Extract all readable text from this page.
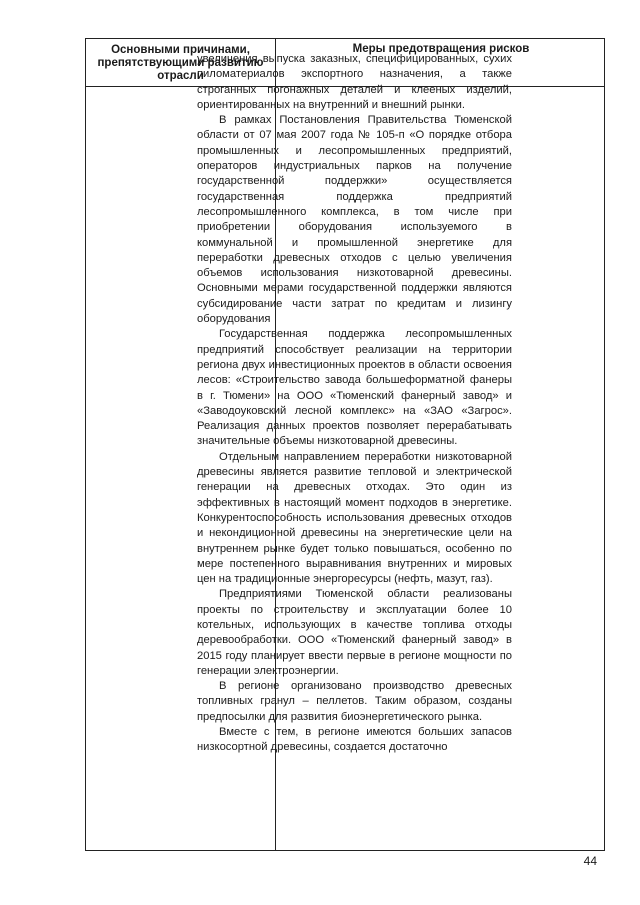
Основными причинами, препятствующими развитию отрасли
Меры предотвращения рисков

увеличения выпуска заказных, специфицированных, сухих пиломатериалов экспортного назначения, а также строганных погонажных деталей и клееных изделий, ориентированных на внутренний и внешний рынки.

В рамках Постановления Правительства Тюменской области от 07 мая 2007 года № 105-п «О порядке отбора промышленных и лесопромышленных предприятий, операторов индустриальных парков на получение государственной поддержки» осуществляется государственная поддержка предприятий лесопромышленного комплекса, в том числе при приобретении оборудования используемого в коммунальной и промышленной энергетике для переработки древесных отходов с целью увеличения объемов использования низкотоварной древесины. Основными мерами государственной поддержки являются субсидирование части затрат по кредитам и лизингу оборудования

Государственная поддержка лесопромышленных предприятий способствует реализации на территории региона двух инвестиционных проектов в области освоения лесов: «Строительство завода большеформатной фанеры в г. Тюмени» на ООО «Тюменский фанерный завод» и «Заводоуковский лесной комплекс» на «ЗАО «Загрос». Реализация данных проектов позволяет перерабатывать значительные объемы низкотоварной древесины.

Отдельным направлением переработки низкотоварной древесины является развитие тепловой и электрической генерации на древесных отходах. Это один из эффективных в настоящий момент подходов в энергетике. Конкурентоспособность использования древесных отходов и некондиционной древесины на энергетические цели на внутреннем рынке будет только повышаться, особенно по мере постепенного выравнивания внутренних и мировых цен на традиционные энергоресурсы (нефть, мазут, газ).

Предприятиями Тюменской области реализованы проекты по строительству и эксплуатации более 10 котельных, использующих в качестве топлива отходы деревообработки. ООО «Тюменский фанерный завод» в 2015 году планирует ввести первые в регионе мощности по генерации электроэнергии.

В регионе организовано производство древесных топливных гранул – пеллетов. Таким образом, созданы предпосылки для развития биоэнергетического рынка.

Вместе с тем, в регионе имеются больших запасов низкосортной древесины, создается достаточно

44
